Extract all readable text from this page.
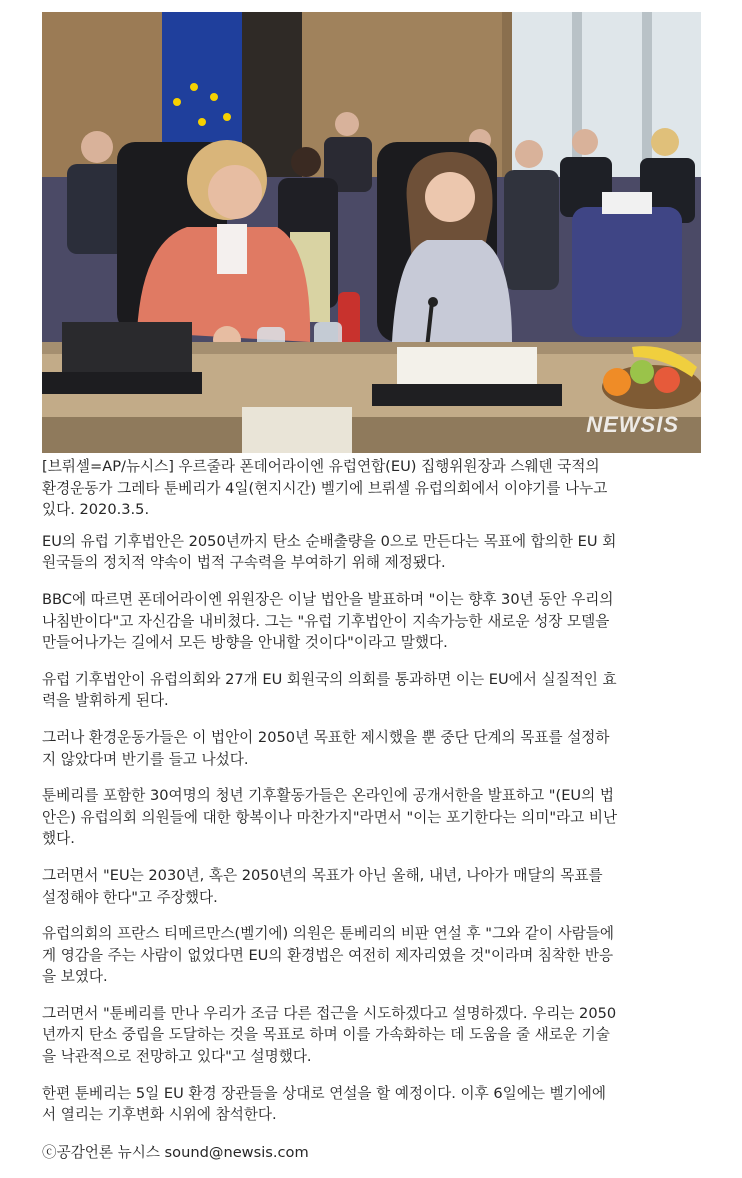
NEWSIS

[브뤼셀=AP/뉴시스] 우르줄라 폰데어라이엔 유럽연합(EU) 집행위원장과 스웨덴 국적의
환경운동가 그레타 툰베리가 4일(현지시간) 벨기에 브뤼셀 유럽의회에서 이야기를 나누고
있다. 2020.3.5.

EU의 유럽 기후법안은 2050년까지 탄소 순배출량을 0으로 만든다는 목표에 합의한 EU 회
원국들의 정치적 약속이 법적 구속력을 부여하기 위해 제정됐다.

BBC에 따르면 폰데어라이엔 위원장은 이날 법안을 발표하며 "이는 향후 30년 동안 우리의
나침반이다"고 자신감을 내비쳤다. 그는 "유럽 기후법안이 지속가능한 새로운 성장 모델을
만들어나가는 길에서 모든 방향을 안내할 것이다"이라고 말했다.

유럽 기후법안이 유럽의회와 27개 EU 회원국의 의회를 통과하면 이는 EU에서 실질적인 효
력을 발휘하게 된다.

그러나 환경운동가들은 이 법안이 2050년 목표한 제시했을 뿐 중단 단계의 목표를 설정하
지 않았다며 반기를 들고 나섰다.

툰베리를 포함한 30여명의 청년 기후활동가들은 온라인에 공개서한을 발표하고 "(EU의 법
안은) 유럽의회 의원들에 대한 항복이나 마찬가지"라면서 "이는 포기한다는 의미"라고 비난
했다.

그러면서 "EU는 2030년, 혹은 2050년의 목표가 아닌 올해, 내년, 나아가 매달의 목표를
설정해야 한다"고 주장했다.

유럽의회의 프란스 티메르만스(벨기에) 의원은 툰베리의 비판 연설 후 "그와 같이 사람들에
게 영감을 주는 사람이 없었다면 EU의 환경법은 여전히 제자리였을 것"이라며 침착한 반응
을 보였다.

그러면서 "툰베리를 만나 우리가 조금 다른 접근을 시도하겠다고 설명하겠다. 우리는 2050
년까지 탄소 중립을 도달하는 것을 목표로 하며 이를 가속화하는 데 도움을 줄 새로운 기술
을 낙관적으로 전망하고 있다"고 설명했다.

한편 툰베리는 5일 EU 환경 장관들을 상대로 연설을 할 예정이다. 이후 6일에는 벨기에에
서 열리는 기후변화 시위에 참석한다.

ⓒ공감언론 뉴시스 sound@newsis.com
